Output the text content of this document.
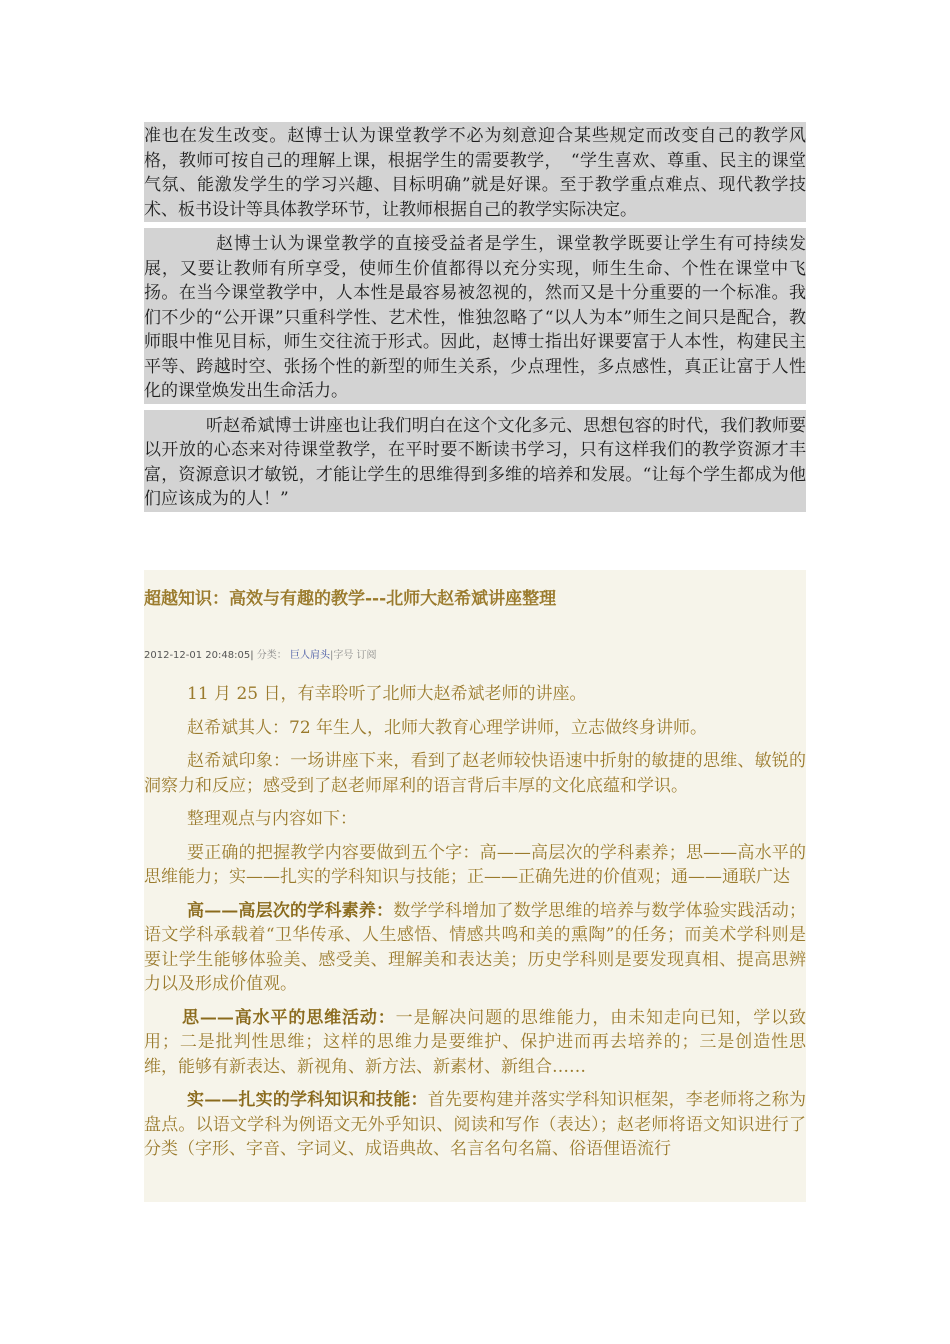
准也在发生改变。赵博士认为课堂教学不必为刻意迎合某些规定而改变自己的教学风格，教师可按自己的理解上课，根据学生的需要教学，　“学生喜欢、尊重、民主的课堂气氛、能激发学生的学习兴趣、目标明确”就是好课。至于教学重点难点、现代教学技术、板书设计等具体教学环节，让教师根据自己的教学实际决定。

赵博士认为课堂教学的直接受益者是学生，课堂教学既要让学生有可持续发展，又要让教师有所享受，使师生价值都得以充分实现，师生生命、个性在课堂中飞扬。在当今课堂教学中，人本性是最容易被忽视的，然而又是十分重要的一个标准。我们不少的“公开课”只重科学性、艺术性，惟独忽略了“以人为本”师生之间只是配合，教师眼中惟见目标，师生交往流于形式。因此，赵博士指出好课要富于人本性，构建民主平等、跨越时空、张扬个性的新型的师生关系，少点理性，多点感性，真正让富于人性化的课堂焕发出生命活力。

听赵希斌博士讲座也让我们明白在这个文化多元、思想包容的时代，我们教师要以开放的心态来对待课堂教学，在平时要不断读书学习，只有这样我们的教学资源才丰富，资源意识才敏锐，才能让学生的思维得到多维的培养和发展。“让每个学生都成为他们应该成为的人！”

超越知识：高效与有趣的教学---北师大赵希斌讲座整理
2012-12-01 20:48:05| 分类： 巨人肩头|字号 订阅

11 月 25 日，有幸聆听了北师大赵希斌老师的讲座。

赵希斌其人：72 年生人，北师大教育心理学讲师，立志做终身讲师。

赵希斌印象：一场讲座下来，看到了赵老师较快语速中折射的敏捷的思维、敏锐的洞察力和反应；感受到了赵老师犀利的语言背后丰厚的文化底蕴和学识。

整理观点与内容如下：

要正确的把握教学内容要做到五个字：高——高层次的学科素养；思——高水平的思维能力；实——扎实的学科知识与技能；正——正确先进的价值观；通——通联广达

高——高层次的学科素养：数学学科增加了数学思维的培养与数学体验实践活动；语文学科承载着“卫华传承、人生感悟、情感共鸣和美的熏陶”的任务；而美术学科则是要让学生能够体验美、感受美、理解美和表达美；历史学科则是要发现真相、提高思辨力以及形成价值观。

思——高水平的思维活动：一是解决问题的思维能力，由未知走向已知，学以致用；二是批判性思维；这样的思维力是要维护、保护进而再去培养的；三是创造性思维，能够有新表达、新视角、新方法、新素材、新组合……

实——扎实的学科知识和技能：首先要构建并落实学科知识框架，李老师将之称为盘点。以语文学科为例语文无外乎知识、阅读和写作（表达）；赵老师将语文知识进行了分类（字形、字音、字词义、成语典故、名言名句名篇、俗语俚语流行
